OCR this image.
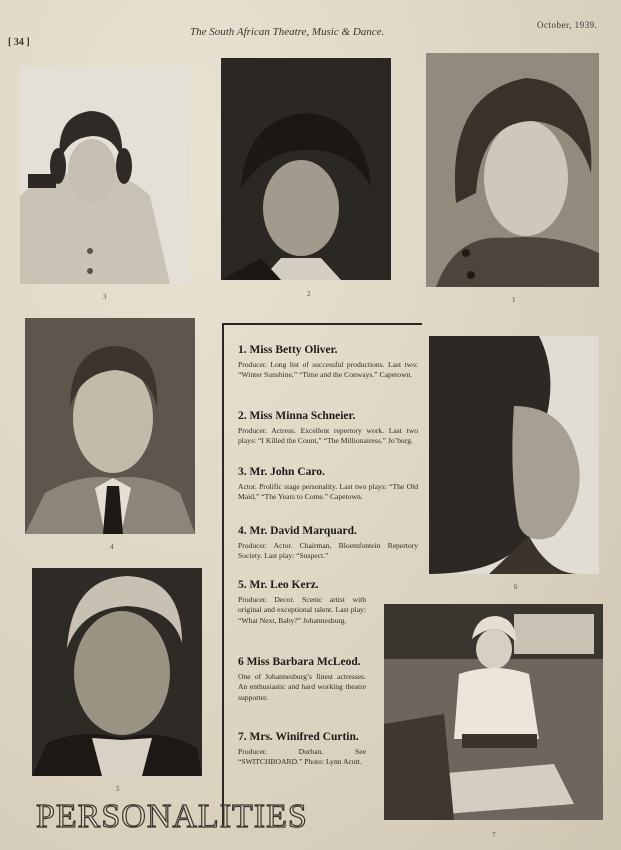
[ 34 ]
The South African Theatre, Music & Dance.
October, 1939.
3	2
1
4
6
5
7
1. Miss Betty Oliver.

Producer. Long list of successful productions. Last two: “Winter Sunshine,” “Time and the Conways.” Capetown.

2. Miss Minna Schneier.

Producer. Actress. Excellent repertory work. Last two plays: “I Killed the Count,” “The Millionairess.” Jo’burg.

3. Mr. John Caro.

Actor. Prolific stage personality. Last two plays: “The Old Maid,” “The Years to Come.” Capetown.

4. Mr. David Marquard.

Producer. Actor. Chairman, Bloemfontein Repertory Society. Last play: “Suspect.”

5. Mr. Leo Kerz.

Producer. Decor. Scenic artist with original and exceptional talent. Last play: “What Next, Baby?” Johannesburg.

6 Miss Barbara McLeod.

One of Johannesburg’s finest actresses. An enthusiastic and hard working theatre supporter.

7. Mrs. Winifred Curtin.

Producer. Durban. See “SWITCHBOARD.” Photo: Lynn Acutt.

PERSONALITIES
